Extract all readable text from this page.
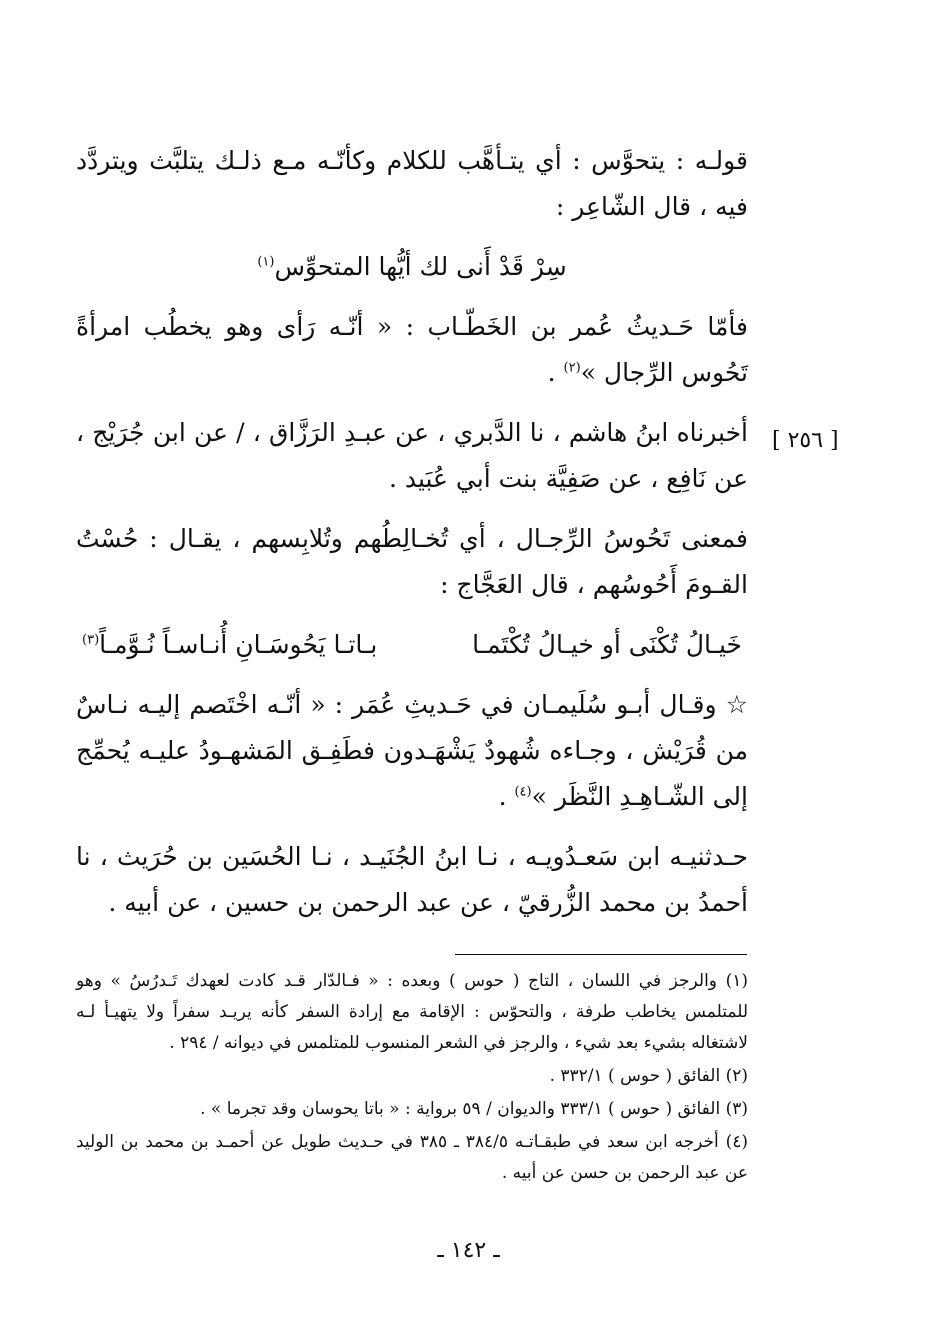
قولـه : يتحوَّس : أي يتـأهَّب للكلام وكأنّـه مـع ذلـك يتلبَّث ويتردَّد فيه ، قال الشّاعِر :

سِرْ قَدْ أَنى لك أيُّها المتحوِّس$^{(١)}$

فأمّا حَـديثُ عُمر بن الخَطّـاب : « أنّـه رَأى وهو يخطُب امرأةً تَحُوس الرِّجال »$^{(٢)}$ .

أخبرناه ابنُ هاشم ، نا الدَّبري ، عن عبـدِ الرَزَّاق ، / عن ابن جُرَيْج ، عن نَافِع ، عن صَفِيَّة بنت أبي عُبَيد .

فمعنى تَحُوسُ الرِّجـال ، أي تُخـالِطُهم وتُلابِسهم ، يقـال : حُسْتُ القـومَ أَحُوسُهم ، قال العَجَّاج :

خَيـالُ تُكْنَى أو خيـالُ تُكْتَمـا
بـاتـا يَحُوسَـانِ أُنـاسـاً نُـوَّمـاً$^{(٣)}$

☆ وقـال أبـو سُلَيمـان في حَـديثِ عُمَر : « أنّـه اخْتَصم إليـه نـاسٌ من قُرَيْش ، وجـاءه شُهودٌ يَشْهَـدون فطَفِـق المَشهـودُ عليـه يُحمِّج إلى الشّـاهِـدِ النَّظَر »$^{(٤)}$ .

حـدثنيـه ابن سَعـدُويـه ، نـا ابنُ الجُنَيـد ، نـا الحُسَين بن حُرَيث ، نا أحمدُ بن محمد الزُّرقيّ ، عن عبد الرحمن بن حسين ، عن أبيه .

[ ٢٥٦ ]

(١) والرجز في اللسان ، التاج ( حوس ) وبعده : « فـالدّار قـد كادت لعهدك تَـدرُسُ » وهو للمتلمس يخاطب طرفة ، والتحوّس : الإقامة مع إرادة السفر كأنه يريـد سفراً ولا يتهيـأ لـه لاشتغاله بشيء بعد شيء ، والرجز في الشعر المنسوب للمتلمس في ديوانه / ٢٩٤ .

(٢) الفائق ( حوس ) ٣٣٢/١ .

(٣) الفائق ( حوس ) ٣٣٣/١ والديوان / ٥٩ برواية : « باتا يحوسان وقد تجرما » .

(٤) أخرجه ابن سعد في طبقـاتـه ٣٨٤/٥ ـ ٣٨٥ في حـديث طويل عن أحمـد بن محمد بن الوليد عن عبد الرحمن بن حسن عن أبيه .

ـ ١٤٢ ـ
